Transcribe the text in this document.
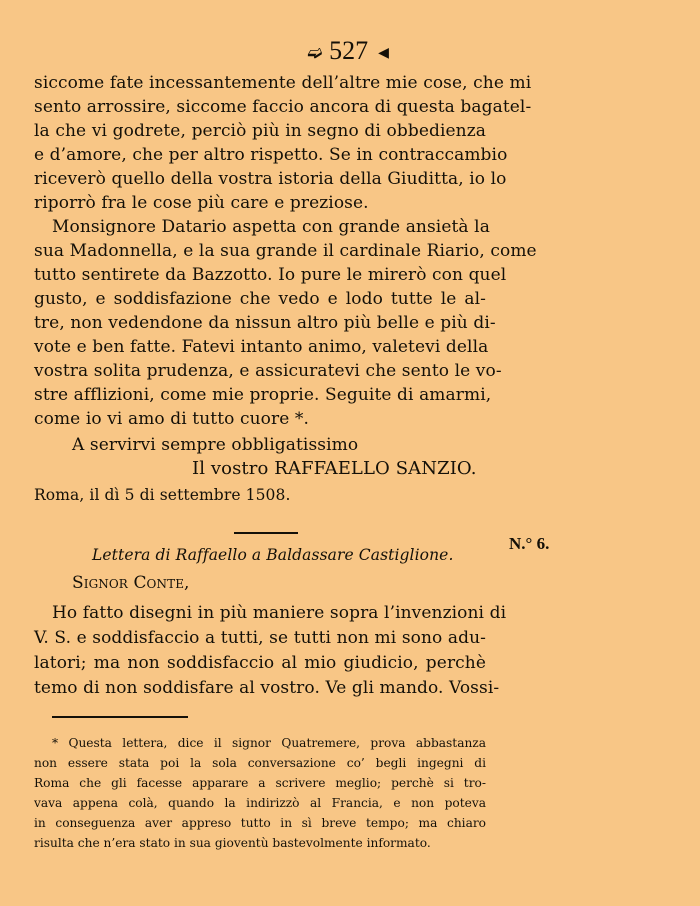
➫ 527 ◄
siccome fate incessantemente dell’altre mie cose, che mi
sento arrossire, siccome faccio ancora di questa bagatel-
la che vi godrete, perciò più in segno di obbedienza
e d’amore, che per altro rispetto. Se in contraccambio
riceverò quello della vostra istoria della Giuditta, io lo
riporrò fra le cose più care e preziose.
Monsignore Datario aspetta con grande ansietà la
sua Madonnella, e la sua grande il cardinale Riario, come
tutto sentirete da Bazzotto. Io pure le mirerò con quel
gusto, e soddisfazione che vedo e lodo tutte le al-
tre, non vedendone da nissun altro più belle e più di-
vote e ben fatte. Fatevi intanto animo, valetevi della
vostra solita prudenza, e assicuratevi che sento le vo-
stre afflizioni, come mie proprie. Seguite di amarmi,
come io vi amo di tutto cuore *.
A servirvi sempre obbligatissimo
Il vostro RAFFAELLO SANZIO.
Roma, il dì 5 di settembre 1508.
Lettera di Raffaello a Baldassare Castiglione.
N.° 6.
Signor Conte,
Ho fatto disegni in più maniere sopra l’invenzioni di
V. S. e soddisfaccio a tutti, se tutti non mi sono adu-
latori; ma non soddisfaccio al mio giudicio, perchè
temo di non soddisfare al vostro. Ve gli mando. Vossi-
* Questa lettera, dice il signor Quatremere, prova abbastanza
non essere stata poi la sola conversazione co’ begli ingegni di
Roma che gli facesse apparare a scrivere meglio; perchè si tro-
vava appena colà, quando la indirizzò al Francia, e non poteva
in conseguenza aver appreso tutto in sì breve tempo; ma chiaro
risulta che n’era stato in sua gioventù bastevolmente informato.
